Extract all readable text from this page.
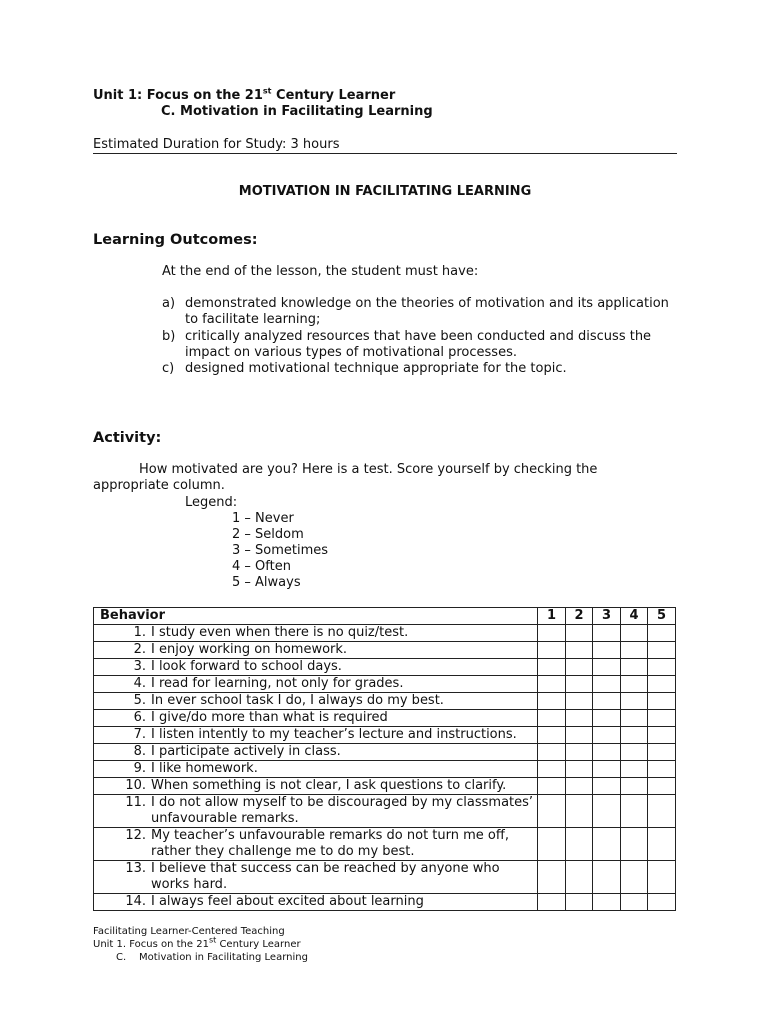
Unit 1: Focus on the 21st Century Learner
C. Motivation in Facilitating Learning
Estimated Duration for Study: 3 hours
MOTIVATION IN FACILITATING LEARNING
Learning Outcomes:
At the end of the lesson, the student must have:
a) demonstrated knowledge on the theories of motivation and its application to facilitate learning;
b) critically analyzed resources that have been conducted and discuss the impact on various types of motivational processes.
c) designed motivational technique appropriate for the topic.
Activity:
How motivated are you? Here is a test. Score yourself by checking the appropriate column.
Legend:
1 – Never
2 – Seldom
3 – Sometimes
4 – Often
5 – Always
Behavior	1	2	3	4	5

1. I study even when there is no quiz/test.					

2. I enjoy working on homework.					

3. I look forward to school days.					

4. I read for learning, not only for grades.					

5. In ever school task I do, I always do my best.					

6. I give/do more than what is required					

7. I listen intently to my teacher’s lecture and instructions.					

8. I participate actively in class.					

9. I like homework.					

10. When something is not clear, I ask questions to clarify.					

11. I do not allow myself to be discouraged by my classmates’ unfavourable remarks.					

12. My teacher’s unfavourable remarks do not turn me off, rather they challenge me to do my best.					

13. I believe that success can be reached by anyone who works hard.					

14. I always feel about excited about learning					

Facilitating Learner-Centered Teaching
Unit 1. Focus on the 21st Century Learner
C. Motivation in Facilitating Learning
